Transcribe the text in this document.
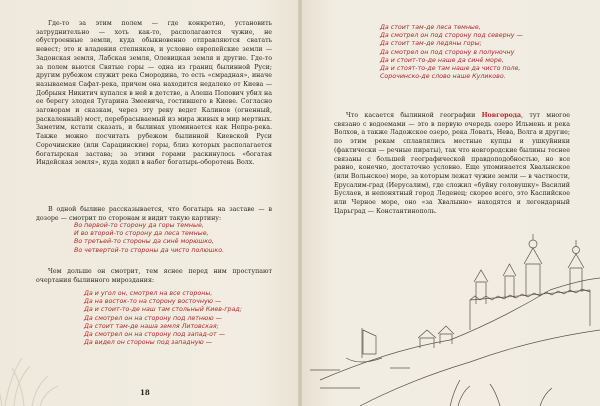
Где-то за этим полем — где конкретно, установить затруднительно — хоть как-то, располагаются чужие, не обустроенные земли, куда обыкновенно отправляются сватать невест; это и владения степняков, и условно европейские земли — Задонская земля, Лабская земля, Олевицкая земля и другие. Где-то за полем вьются Святые горы — одна из границ былинной Руси; другим рубежом служит река Смородина, то есть «смрадная», иначе называемая Сафат-река, причем она находится недалеко от Киева — Добрыня Никитич купался в ней в детстве, а Алеша Попович убил на ее берегу злодея Тугарина Змеевича, гостившего в Киеве. Согласно заговорам и сказкам, через эту реку ведет Калинов (огненный, раскаленный) мост, перебрасываемый из мира живых в мир мертвых. Заметим, кстати сказать, и былинах упоминается как Непра-река. Также можно посчитать рубежом былинной Киевской Руси Сорочинские (или Сарацинские) горы, близ которых располагается богатырская застава; за этими горами раскинулось «богатая Индейская земля», куда ходил в набег богатырь-оборотень Волх.

В одной былине рассказывается, что богатырь на заставе — в дозоре — смотрит по сторонам и видит такую картину:

Во первой-то сторону да горы темные,
И во второй-то сторону да леса темные,
Во третьей-то стороны да синё морюшко,
Во четвертой-то стороны да чисто полюшко.

Чем дольше он смотрит, тем яснее перед ним проступают очертания былинного мироздания:

Да и угол он, смотрел на все стороны,
Да на восток-то на сторону восточную —
Да и стоит-то-де наш там стольный Киев-град;
Да смотрел он на сторону под летнюю —
Да стоит там-де наша земля Литовская;
Да смотрел он на сторону под запад-от —
Да видел он стороны под западную —
18
Да стоит там-де леса темные,
Да смотрел он под сторону под северну —
Да стоит там-де ледяны горы;
Да смотрел он под сторону в полуночну
Да и стоит-то-де наше да синё море,
Да и стоят-то-де там наше да чисто поле,
Сорочинско-де слово наше Куликово.

Что касается былинной географии Новгорода, тут многое связано с водоемами — это в первую очередь озеро Ильмень и река Волхов, а также Ладожское озеро, река Ловать, Нева, Волга и другие; по этим рекам сплавлялись местные купцы и ушкуйники (фактически — речные пираты), так что новгородские былины теснее связаны с большей географической правдоподобностью, но все равно, конечно, достаточно условно. Еще упоминается Хвалынское (или Вольнское) море, за которым лежат чужие земли — в частности, Ерусалим-град (Иерусалим), где сложил «буйну головушку» Василий Буслаев, и непонятный город Леденец; скорее всего, это Каспийское или Черное море, оно «за Хвалыню» находятся и легендарный Царьград — Константинополь.
